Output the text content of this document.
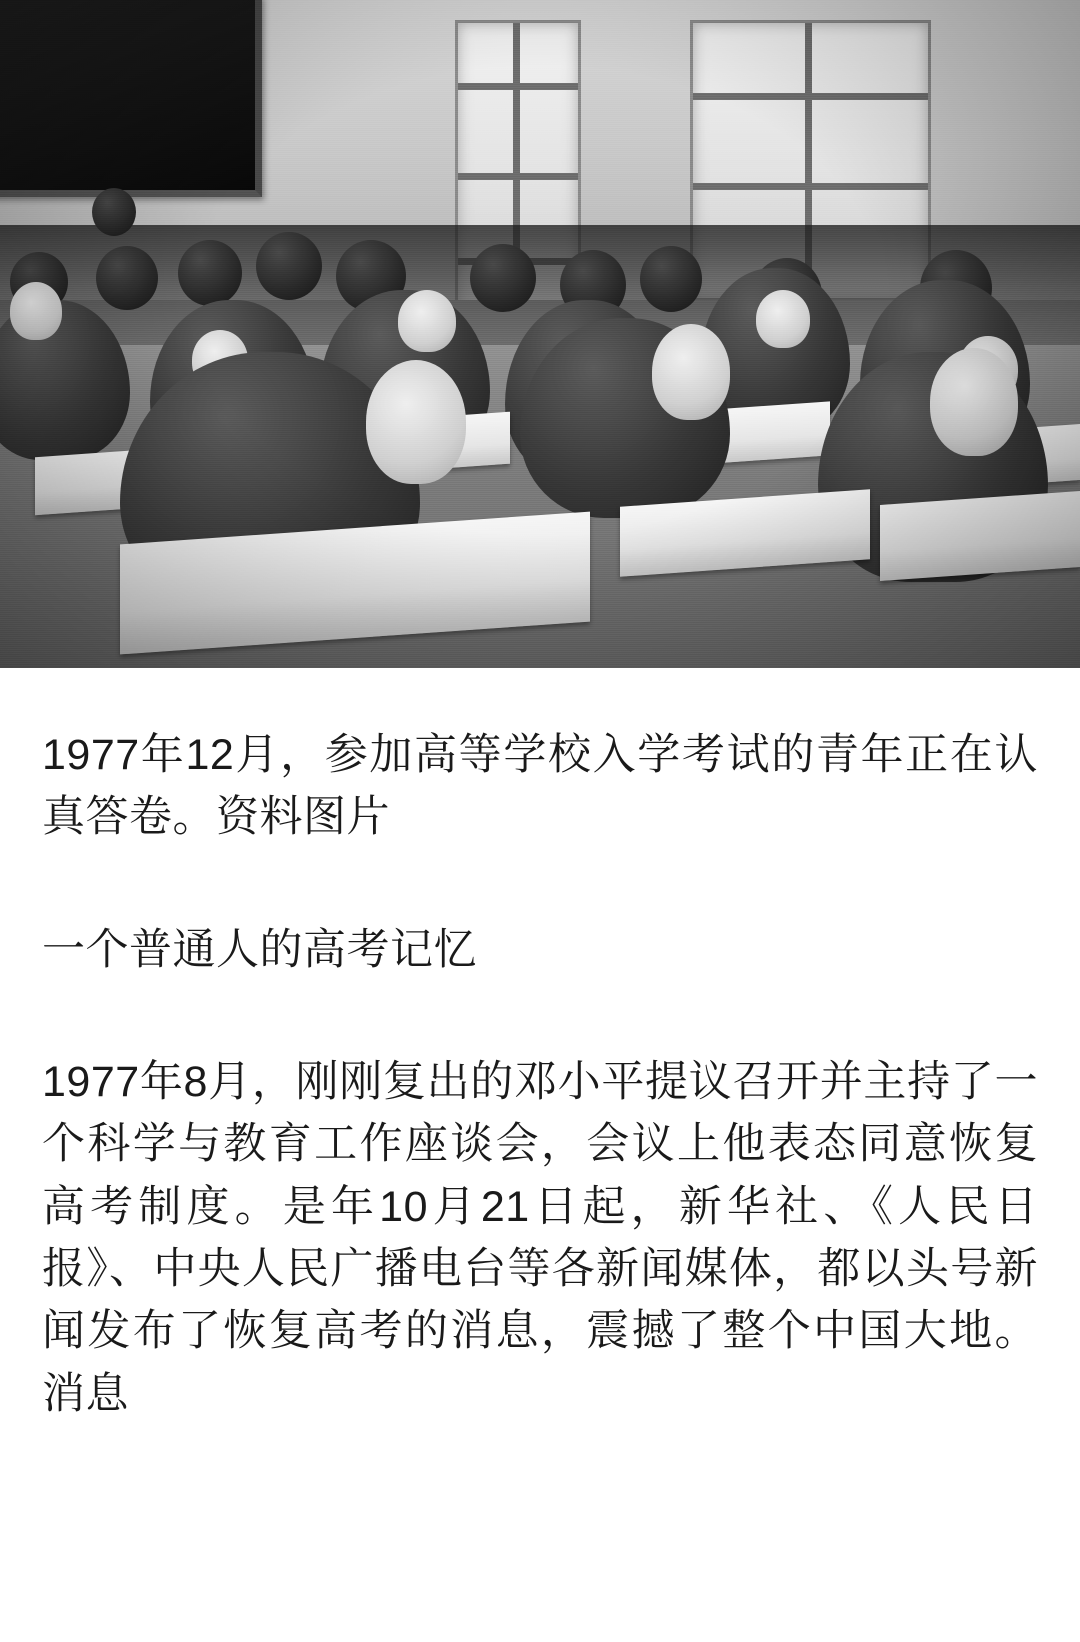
1977年12月，参加高等学校入学考试的青年正在认真答卷。资料图片

一个普通人的高考记忆

1977年8月，刚刚复出的邓小平提议召开并主持了一个科学与教育工作座谈会，会议上他表态同意恢复高考制度。是年10月21日起，新华社、《人民日报》、中央人民广播电台等各新闻媒体，都以头号新闻发布了恢复高考的消息，震撼了整个中国大地。消息
